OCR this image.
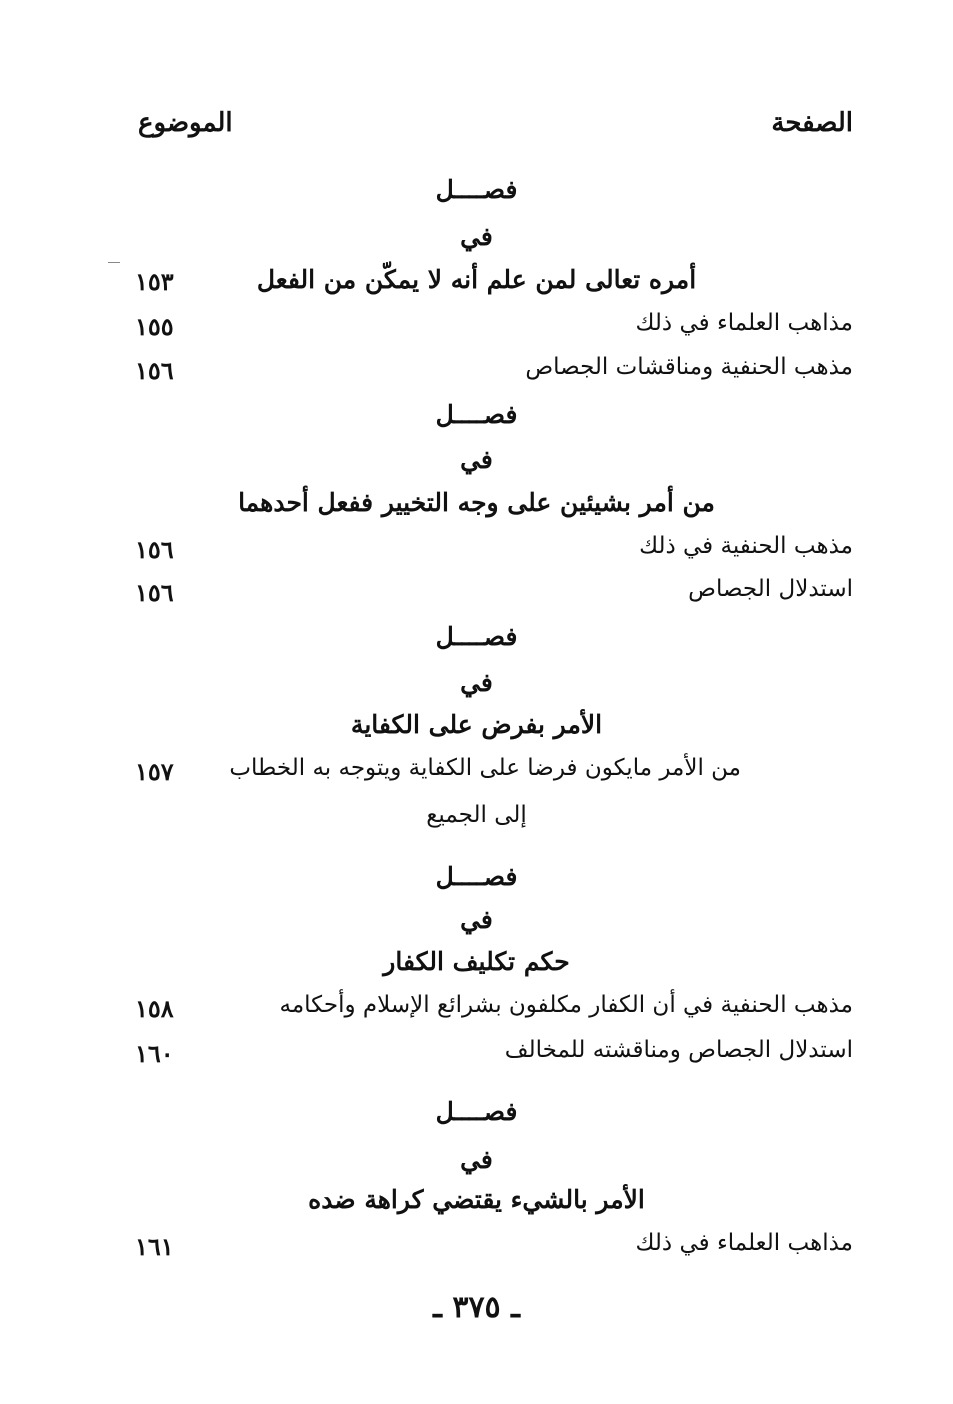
الصفحة
الموضوع
فصــــل
في
أمره تعالى لمن علم أنه لا يمكّن من الفعل
١٥٣
مذاهب العلماء في ذلك
١٥٥
مذهب الحنفية ومناقشات الجصاص
١٥٦
فصــــل
في
من أمر بشيئين على وجه التخيير ففعل أحدهما
مذهب الحنفية في ذلك
١٥٦
استدلال الجصاص
١٥٦
فصــــل
في
الأمر بفرض على الكفاية
من الأمر مايكون فرضا على الكفاية ويتوجه به الخطاب
١٥٧
إلى الجميع
فصــــل
في
حكم تكليف الكفار
مذهب الحنفية في أن الكفار مكلفون بشرائع الإسلام وأحكامه
١٥٨
استدلال الجصاص ومناقشته للمخالف
١٦٠
فصــــل
في
الأمر بالشيء يقتضي كراهة ضده
مذاهب العلماء في ذلك
١٦١
ـ ٣٧٥ ـ
